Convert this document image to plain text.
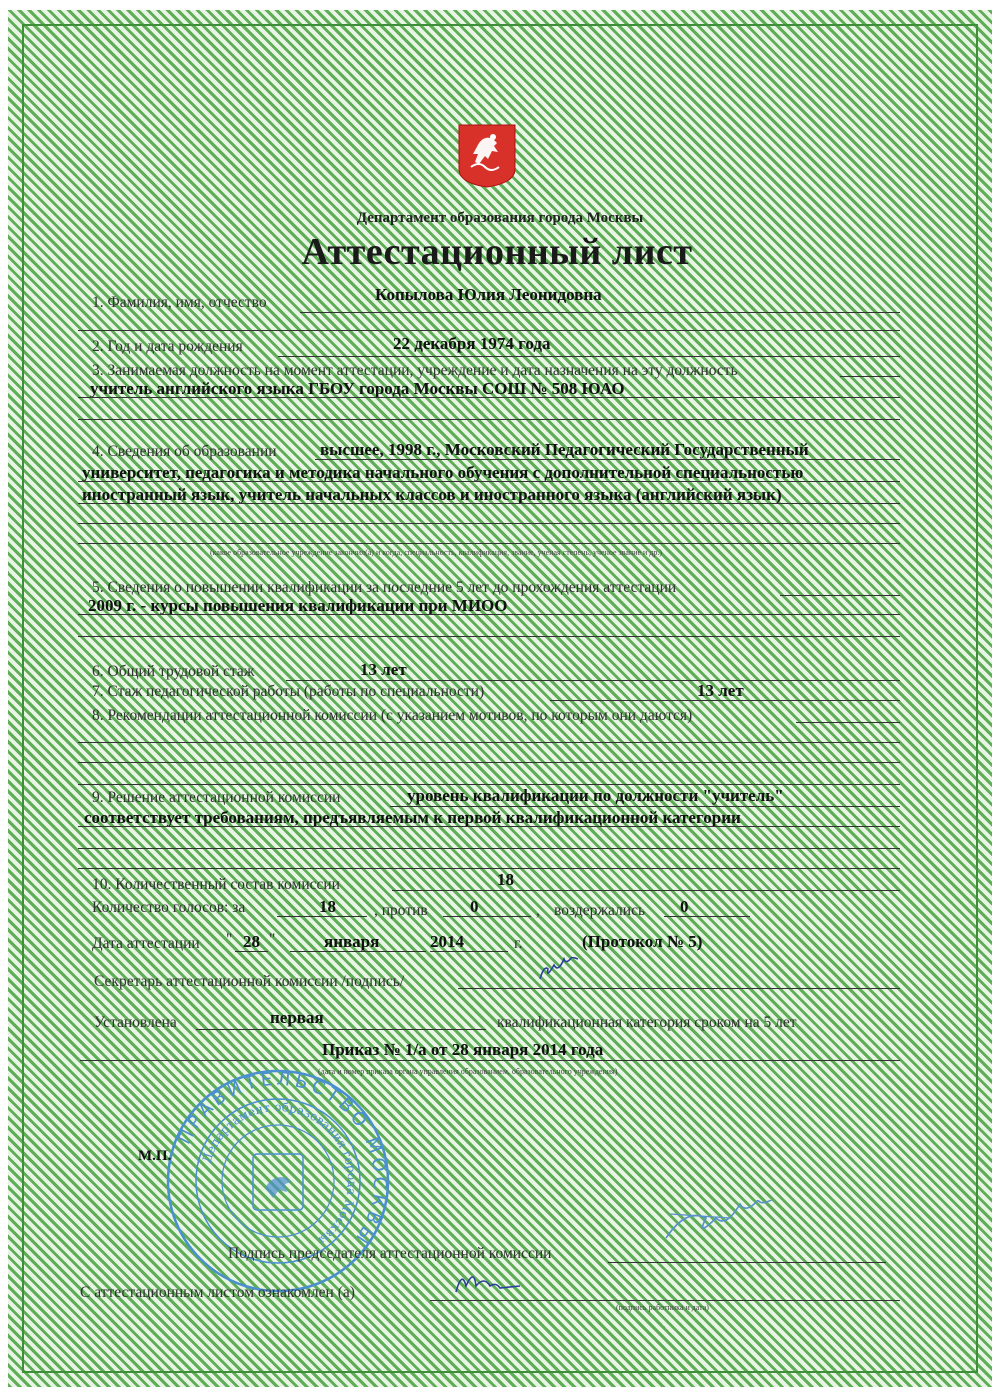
Департамент образования города Москвы
Аттестационный лист
1. Фамилия, имя, отчество	Копылова Юлия Леонидовна
2. Год и дата рождения	22 декабря 1974 года
3. Занимаемая должность на момент аттестации, учреждение и дата назначения на эту должность
учитель английского языка ГБОУ города Москвы СОШ № 508 ЮАО
4. Сведения об образовании	высшее, 1998 г., Московский Педагогический Государственный
университет, педагогика и методика начального обучения с дополнительной специальностью
иностранный язык, учитель начальных классов и иностранного языка (английский язык)
(какое образовательное учреждение закончил(а) и когда, специальность, квалификация, звание, ученая степень, ученое звание и др.)
5. Сведения о повышении квалификации за последние 5 лет до прохождения аттестации
2009 г. - курсы повышения квалификации при МИОО
6. Общий трудовой стаж	13 лет
7. Стаж педагогической работы (работы по специальности)	13 лет
8. Рекомендации аттестационной комиссии (с указанием мотивов, по которым они даются)
9. Решение аттестационной комиссии	уровень квалификации по должности "учитель"
соответствует требованиям, предъявляемым к первой квалификационной категории
10. Количественный состав комиссии	18
Количество голосов: за	18 , против 0	, воздержались 0
Дата аттестации " 28 "	января	2014	г.	(Протокол № 5)
Секретарь аттестационной комиссии /подпись/
Установлена	первая	квалификационная категория сроком на 5 лет
Приказ № 1/а от 28 января 2014 года
(дата и номер приказа органа управления образованием, образовательного учреждения)
ПРАВИТЕЛЬСТВО МОСКВЫ
Департамент образования города Москвы
М.П.
Подпись председателя аттестационной комиссии
С аттестационным листом ознакомлен (а)
(подпись работника и дата)
